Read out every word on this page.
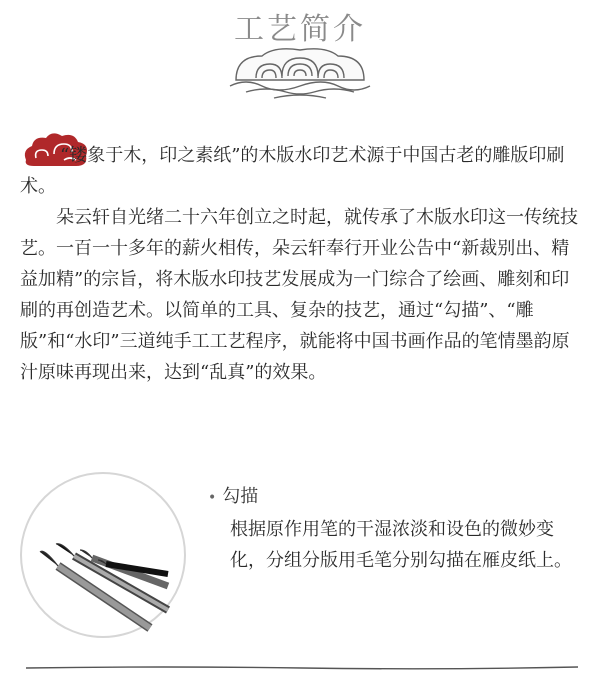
工艺简介

“镂象于木，印之素纸”的木版水印艺术源于中国古老的雕版印刷术。

朵云轩自光绪二十六年创立之时起，就传承了木版水印这一传统技艺。一百一十多年的薪火相传，朵云轩奉行开业公告中“新裁别出、精益加精”的宗旨，将木版水印技艺发展成为一门综合了绘画、雕刻和印刷的再创造艺术。以简单的工具、复杂的技艺，通过“勾描”、“雕版”和“水印”三道纯手工工艺程序，就能将中国书画作品的笔情墨韵原汁原味再现出来，达到“乱真”的效果。

• 勾描

根据原作用笔的干湿浓淡和设色的微妙变化，分组分版用毛笔分别勾描在雁皮纸上。
